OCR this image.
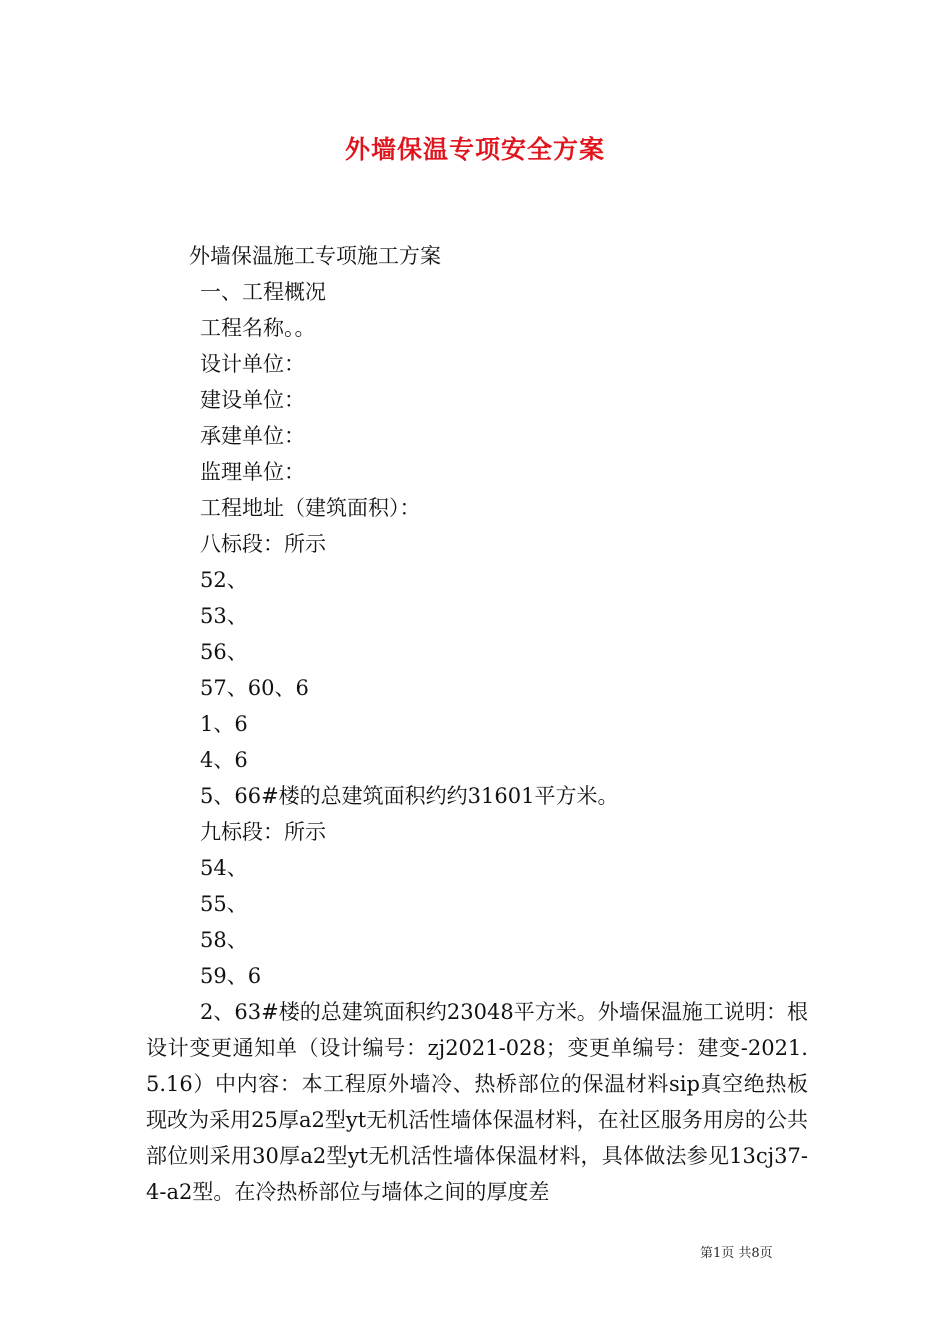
外墙保温专项安全方案

外墙保温施工专项施工方案

一、工程概况

工程名称。。

设计单位：

建设单位：

承建单位：

监理单位：

工程地址（建筑面积）：

八标段：所示

52、

53、

56、

57、60、6

1、6

4、6

5、66#楼的总建筑面积约约31601平方米。

九标段：所示

54、

55、

58、

59、6

2、63#楼的总建筑面积约23048平方米。外墙保温施工说明：根设计变更通知单（设计编号：zj2021-028；变更单编号：建变-2021.5.16）中内容：本工程原外墙冷、热桥部位的保温材料sip真空绝热板现改为采用25厚a2型yt无机活性墙体保温材料，在社区服务用房的公共部位则采用30厚a2型yt无机活性墙体保温材料，具体做法参见13cj37-4-a2型。在冷热桥部位与墙体之间的厚度差

第1页 共8页
